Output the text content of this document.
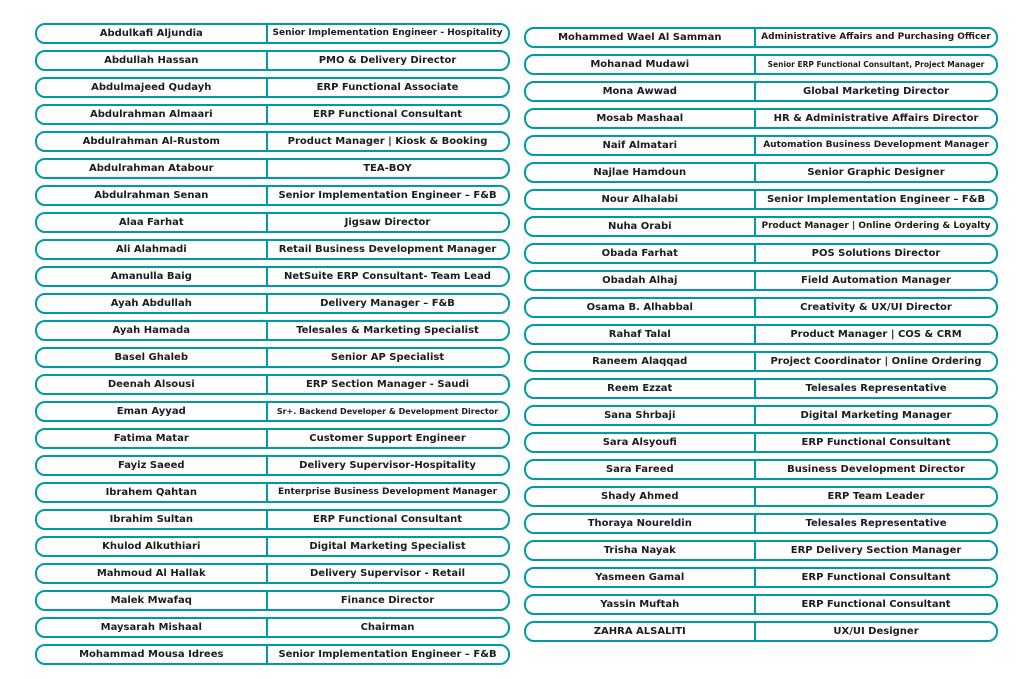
Abdulkafi Aljundia	Senior Implementation Engineer - Hospitality
Abdullah Hassan	PMO & Delivery Director
Abdulmajeed Qudayh	ERP Functional Associate
Abdulrahman Almaari	ERP Functional Consultant
Abdulrahman Al-Rustom	Product Manager | Kiosk & Booking
Abdulrahman Atabour	TEA-BOY
Abdulrahman Senan	Senior Implementation Engineer – F&B
Alaa Farhat	Jigsaw Director
Ali Alahmadi	Retail Business Development Manager
Amanulla Baig	NetSuite ERP Consultant- Team Lead
Ayah Abdullah	Delivery Manager – F&B
Ayah Hamada	Telesales & Marketing Specialist
Basel Ghaleb	Senior AP Specialist
Deenah Alsousi	ERP Section Manager - Saudi
Eman Ayyad	Sr+. Backend Developer & Development Director
Fatima Matar	Customer Support Engineer
Fayiz Saeed	Delivery Supervisor-Hospitality
Ibrahem Qahtan	Enterprise Business Development Manager
Ibrahim Sultan	ERP Functional Consultant
Khulod Alkuthiari	Digital Marketing Specialist
Mahmoud Al Hallak	Delivery Supervisor - Retail
Malek Mwafaq	Finance Director
Maysarah Mishaal	Chairman
Mohammad Mousa Idrees	Senior Implementation Engineer – F&B
Mohammed Wael Al Samman	Administrative Affairs and Purchasing Officer
Mohanad Mudawi	Senior ERP Functional Consultant, Project Manager
Mona Awwad	Global Marketing Director
Mosab Mashaal	HR & Administrative Affairs Director
Naif Almatari	Automation Business Development Manager
Najlae Hamdoun	Senior Graphic Designer
Nour Alhalabi	Senior Implementation Engineer – F&B
Nuha Orabi	Product Manager | Online Ordering & Loyalty
Obada Farhat	POS Solutions Director
Obadah Alhaj	Field Automation Manager
Osama B. Alhabbal	Creativity & UX/UI Director
Rahaf Talal	Product Manager | COS & CRM
Raneem Alaqqad	Project Coordinator | Online Ordering
Reem Ezzat	Telesales Representative
Sana Shrbaji	Digital Marketing Manager
Sara Alsyoufi	ERP Functional Consultant
Sara Fareed	Business Development Director
Shady Ahmed	ERP Team Leader
Thoraya Noureldin	Telesales Representative
Trisha Nayak	ERP Delivery Section Manager
Yasmeen Gamal	ERP Functional Consultant
Yassin Muftah	ERP Functional Consultant
ZAHRA ALSALITI	UX/UI Designer
